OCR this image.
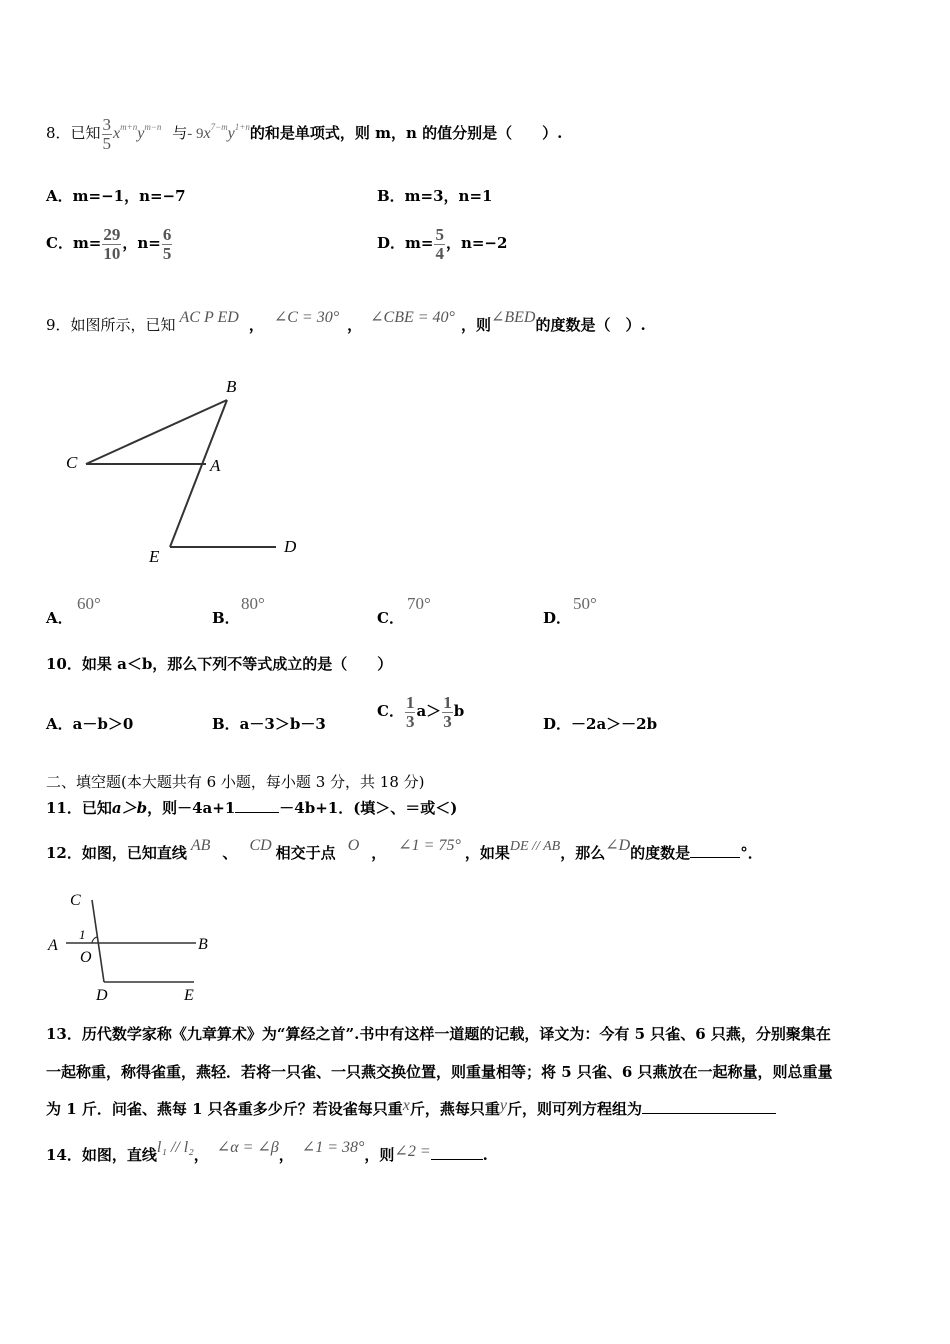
8．已知 $\frac{3}{5} x^{m+n}y^{m-n}$ 与- $9x^{7-m}y^{1+n}$的和是单项式，则 m，n 的值分别是（　　）.
A．m=−1，n=−7	B．m=3，n=1
C．$m= \frac{29}{10}$ ，$n= \frac{6}{5}$	D．$m= \frac{5}{4}$ ，n=−2
9．如图所示，已知 AC P ED ， ∠C = 30° ， ∠CBE = 40° ，则∠BED的度数是（　）.
B
C	A
E
D
A．
60°
B．
80°
C．
70°
D．
50°
10．如果 a＜b，那么下列不等式成立的是（　　）
A．a－b＞0	B．a－3＞b－3
C． $\frac{1}{3} a> \frac{1}{3}$ b
D．－2a＞－2b
二、填空题(本大题共有 6 小题，每小题 3 分，共 18 分)
11．已知a＞b，则－4a+1	－4b+1．(填＞、＝或＜)
12．如图，已知直线 AB 、 CD 相交于点 O ， ∠1 = 75° ，如果DE // AB，那么∠D的度数是	°．
C
1
A	B
O
D	E
13．历代数学家称《九章算术》为“算经之首”.书中有这样一道题的记载，译文为：今有 5 只雀、6 只燕，分别聚集在
一起称重，称得雀重，燕轻．若将一只雀、一只燕交换位置，则重量相等；将 5 只雀、6 只燕放在一起称量，则总重量
为 1 斤．问雀、燕每 1 只各重多少斤？若设雀每只重x斤，燕每只重y斤，则可列方程组为
14．如图，直线l₁ // l₂， ∠α = ∠β， ∠1 = 38°，则∠2 =	.
